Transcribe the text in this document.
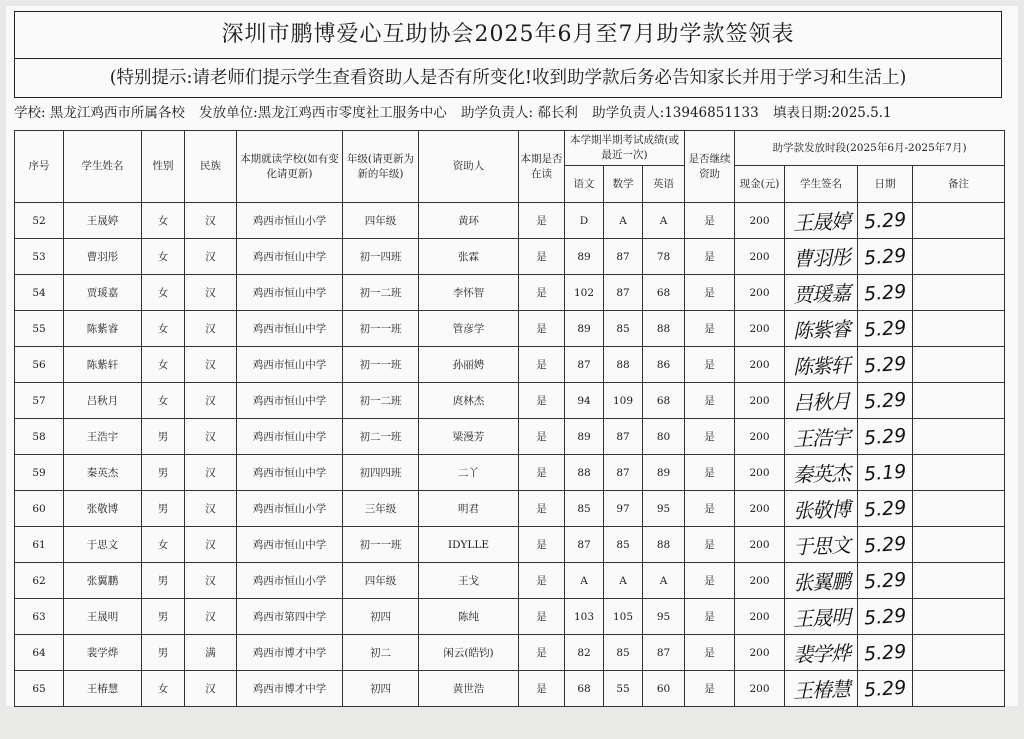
深圳市鹏博爱心互助协会2025年6月至7月助学款签领表
(特别提示:请老师们提示学生查看资助人是否有所变化!收到助学款后务必告知家长并用于学习和生活上)
学校: 黑龙江鸡西市所属各校 发放单位:黑龙江鸡西市零度社工服务中心 助学负责人: 郗长利 助学负责人:13946851133 填表日期:2025.5.1
序号	学生姓名	性别	民族	本期就读学校(如有变化请更新)	年级(请更新为新的年级)	资助人	本期是否在读	本学期半期考试成绩(或最近一次)			是否继续资助	助学款发放时段(2025年6月-2025年7月)			
								语文	数学	英语		现金(元)	学生签名	日期	备注
52	王晟婷	女	汉	鸡西市恒山小学	四年级	黄环	是	D	A	A	是	200	王晟婷	5.29	
53	曹羽彤	女	汉	鸡西市恒山中学	初一四班	张霖	是	89	87	78	是	200	曹羽彤	5.29	
54	贾瑗嘉	女	汉	鸡西市恒山中学	初一二班	李怀智	是	102	87	68	是	200	贾瑗嘉	5.29	
55	陈紫睿	女	汉	鸡西市恒山中学	初一一班	管彦学	是	89	85	88	是	200	陈紫睿	5.29	
56	陈紫轩	女	汉	鸡西市恒山中学	初一一班	孙丽娉	是	87	88	86	是	200	陈紫轩	5.29	
57	吕秋月	女	汉	鸡西市恒山中学	初一二班	庹林杰	是	94	109	68	是	200	吕秋月	5.29	
58	王浩宇	男	汉	鸡西市恒山中学	初二一班	梁漫芳	是	89	87	80	是	200	王浩宇	5.29	
59	秦英杰	男	汉	鸡西市恒山中学	初四四班	二丫	是	88	87	89	是	200	秦英杰	5.19	
60	张敬博	男	汉	鸡西市恒山小学	三年级	明君	是	85	97	95	是	200	张敬博	5.29	
61	于思文	女	汉	鸡西市恒山中学	初一一班	IDYLLE	是	87	85	88	是	200	于思文	5.29	
62	张翼鹏	男	汉	鸡西市恒山小学	四年级	王戈	是	A	A	A	是	200	张翼鹏	5.29	
63	王晟明	男	汉	鸡西市第四中学	初四	陈纯	是	103	105	95	是	200	王晟明	5.29	
64	裴学烨	男	满	鸡西市博才中学	初二	闲云(皓钧)	是	82	85	87	是	200	裴学烨	5.29	
65	王椿慧	女	汉	鸡西市博才中学	初四	黄世浩	是	68	55	60	是	200	王椿慧	5.29	
